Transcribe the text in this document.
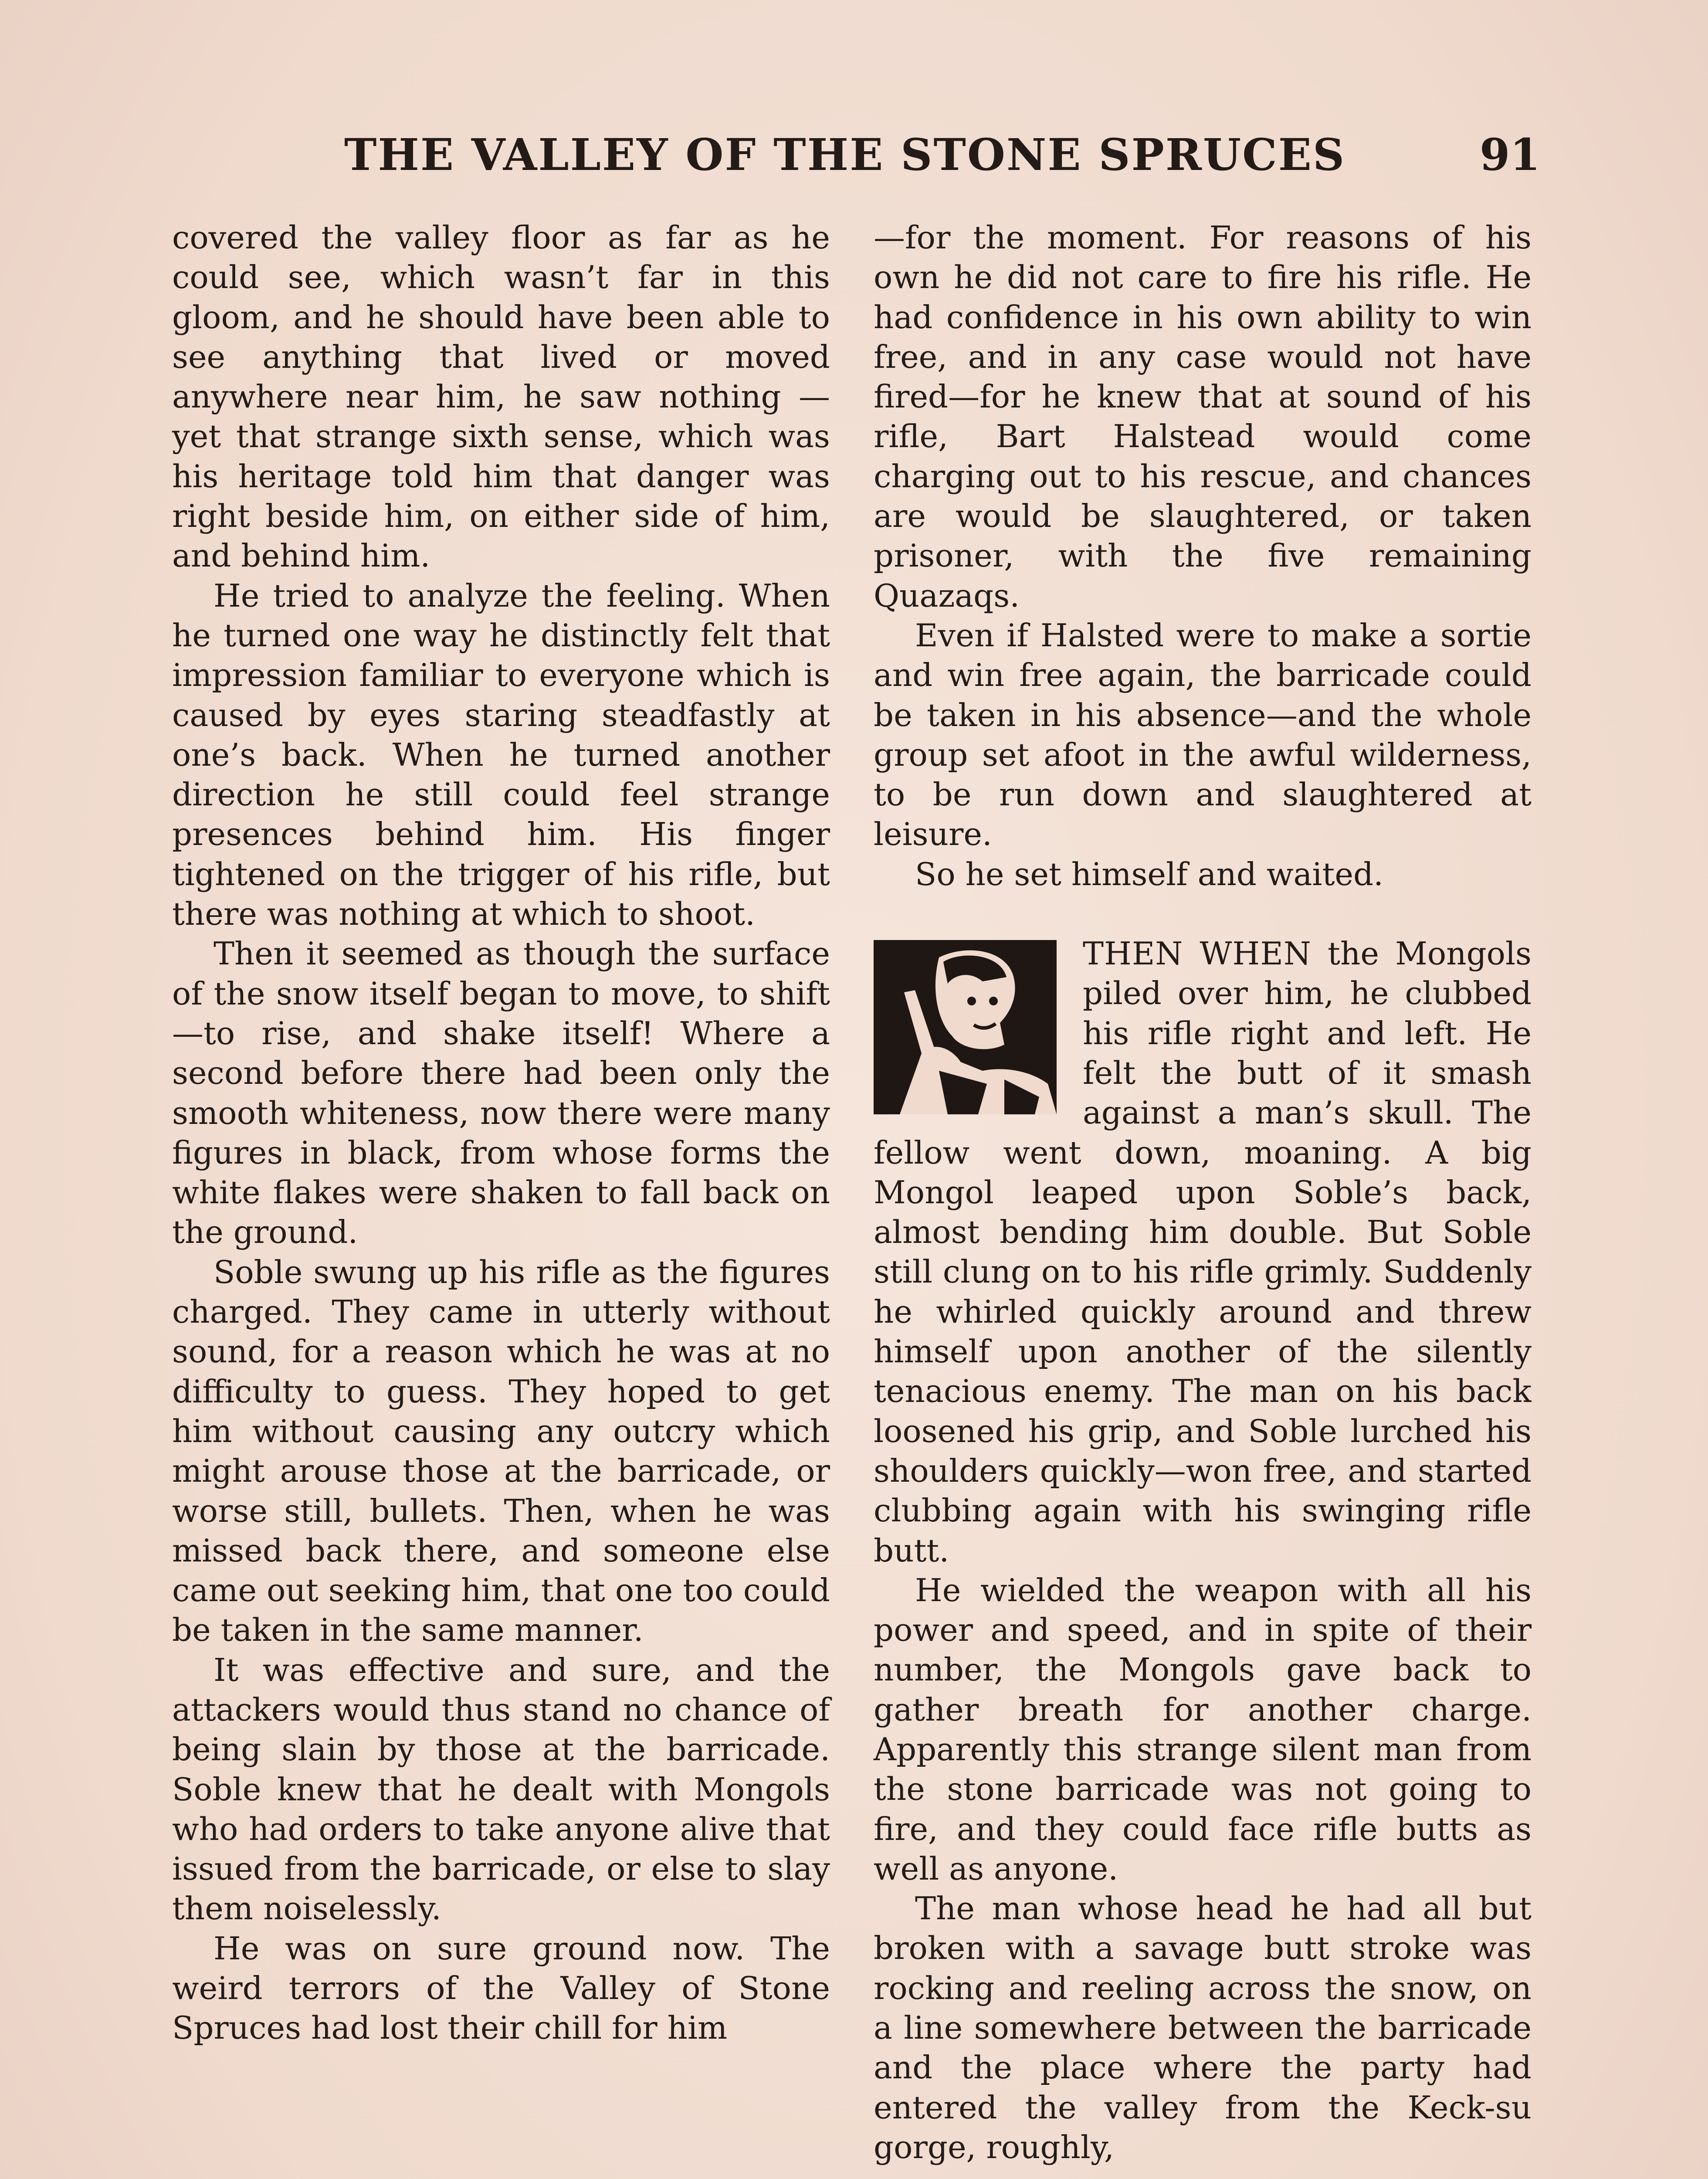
THE VALLEY OF THE STONE SPRUCES	91

covered the valley floor as far as he could see, which wasn’t far in this gloom, and he should have been able to see anything that lived or moved anywhere near him, he saw nothing — yet that strange sixth sense, which was his heritage told him that danger was right beside him, on either side of him, and behind him.

He tried to analyze the feeling. When he turned one way he distinctly felt that impression familiar to everyone which is caused by eyes staring steadfastly at one’s back. When he turned another direction he still could feel strange presences behind him. His finger tightened on the trigger of his rifle, but there was nothing at which to shoot.

Then it seemed as though the surface of the snow itself began to move, to shift—to rise, and shake itself! Where a second before there had been only the smooth whiteness, now there were many figures in black, from whose forms the white flakes were shaken to fall back on the ground.

Soble swung up his rifle as the figures charged. They came in utterly without sound, for a reason which he was at no difficulty to guess. They hoped to get him without causing any outcry which might arouse those at the barricade, or worse still, bullets. Then, when he was missed back there, and someone else came out seeking him, that one too could be taken in the same manner.

It was effective and sure, and the attackers would thus stand no chance of being slain by those at the barricade. Soble knew that he dealt with Mongols who had orders to take anyone alive that issued from the barricade, or else to slay them noiselessly.

He was on sure ground now. The weird terrors of the Valley of Stone Spruces had lost their chill for him

—for the moment. For reasons of his own he did not care to fire his rifle. He had confidence in his own ability to win free, and in any case would not have fired—for he knew that at sound of his rifle, Bart Halstead would come charging out to his rescue, and chances are would be slaughtered, or taken prisoner, with the five remaining Quazaqs.

Even if Halsted were to make a sortie and win free again, the barricade could be taken in his absence—and the whole group set afoot in the awful wilderness, to be run down and slaughtered at leisure.

So he set himself and waited.

THEN WHEN the Mongols piled over him, he clubbed his rifle right and left. He felt the butt of it smash against a man’s skull. The fellow went down, moaning. A big Mongol leaped upon Soble’s back, almost bending him double. But Soble still clung on to his rifle grimly. Suddenly he whirled quickly around and threw himself upon another of the silently tenacious enemy. The man on his back loosened his grip, and Soble lurched his shoulders quickly—won free, and started clubbing again with his swinging rifle butt.

He wielded the weapon with all his power and speed, and in spite of their number, the Mongols gave back to gather breath for another charge. Apparently this strange silent man from the stone barricade was not going to fire, and they could face rifle butts as well as anyone.

The man whose head he had all but broken with a savage butt stroke was rocking and reeling across the snow, on a line somewhere between the barricade and the place where the party had entered the valley from the Keck-su gorge, roughly,
